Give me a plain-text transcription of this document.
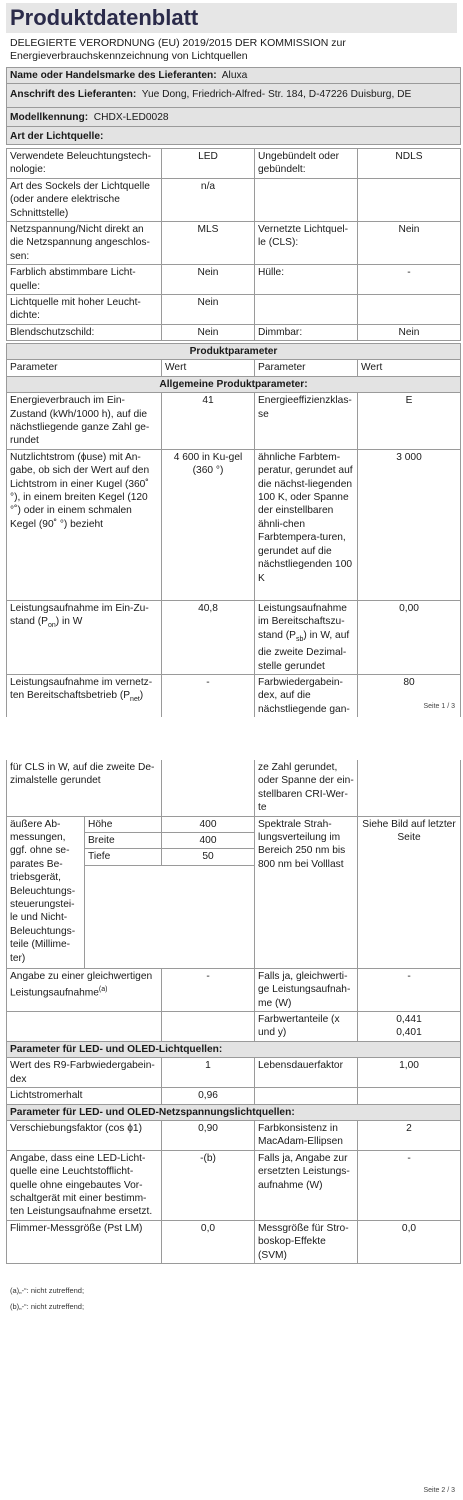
Produktdatenblatt
DELEGIERTE VERORDNUNG (EU) 2019/2015 DER KOMMISSION zur
Energieverbrauchskennzeichnung von Lichtquellen
Name oder Handelsmarke des Lieferanten: Aluxa
Anschrift des Lieferanten: Yue Dong, Friedrich-Alfred- Str. 184, D-47226 Duisburg, DE
Modellkennung: CHDX-LED0028
Art der Lichtquelle:
Verwendete Beleuchtungstech-nologie:	LED	Ungebündelt oder gebündelt:	NDLS
Art des Sockels der Lichtquelle (oder andere elektrische Schnittstelle)	n/a		
Netzspannung/Nicht direkt an die Netzspannung angeschlos-sen:	MLS	Vernetzte Lichtquel-le (CLS):	Nein
Farblich abstimmbare Licht-quelle:	Nein	Hülle:	-
Lichtquelle mit hoher Leucht-dichte:	Nein		
Blendschutzschild:	Nein	Dimmbar:	Nein
Produktparameter			
Parameter	Wert	Parameter	Wert
Allgemeine Produktparameter:			
Energieverbrauch im Ein-Zustand (kWh/1000 h), auf die nächstliegende ganze Zahl ge-rundet	41	Energieeffizienzklas-se	E
Nutzlichtstrom (ϕuse) mit An-gabe, ob sich der Wert auf den Lichtstrom in einer Kugel (360˚ °), in einem breiten Kegel (120 °˚) oder in einem schmalen Kegel (90˚ °) bezieht	4 600 in Ku-gel (360 °)	ähnliche Farbtem-peratur, gerundet auf die nächst-liegenden 100 K, oder Spanne der einstellbaren ähnli-chen Farbtempera-turen, gerundet auf die nächstliegenden 100 K	3 000
Leistungsaufnahme im Ein-Zu-stand $(P_{on})$ in W	40,8	Leistungsaufnahme im Bereitschaftszu-stand $(P_{sb})$ in W, auf die zweite Dezimal-stelle gerundet	0,00
Leistungsaufnahme im vernetz-ten Bereitschaftsbetrieb $(P_{net})$	-	Farbwiedergabein-dex, auf die nächstliegende gan-	80
Seite 1 / 3
für CLS in W, auf die zweite De-zimalstelle gerundet			ze Zahl gerundet, oder Spanne der ein-stellbaren CRI-Wer-te	
äußere Ab-messungen, ggf. ohne se-parates Be-triebsgerät, Beleuchtungs-steuerungstei-le und Nicht-Beleuchtungs-teile (Millime-ter)	Höhe	400	Spektrale Strah-lungsverteilung im Bereich 250 nm bis 800 nm bei Volllast	Siehe Bild auf letzter Seite
	Breite	400		
	Tiefe	50		

Angabe zu einer gleichwertigen Leistungsaufnahme$^{(a)}$		-	Falls ja, gleichwerti-ge Leistungsaufnah-me (W)	-
			Farbwertanteile (x und y)	0,441
0,401

Parameter für LED- und OLED-Lichtquellen:				
Wert des R9-Farbwiedergabein-dex		1	Lebensdauerfaktor	1,00
Lichtstromerhalt		0,96		
Parameter für LED- und OLED-Netzspannungslichtquellen:				
Verschiebungsfaktor (cos ϕ1)		0,90	Farbkonsistenz in MacAdam-Ellipsen	2
Angabe, dass eine LED-Licht-quelle eine Leuchtstofflicht-quelle ohne eingebautes Vor-schaltgerät mit einer bestimm-ten Leistungsaufnahme ersetzt.		-(b)	Falls ja, Angabe zur ersetzten Leistungs-aufnahme (W)	-
Flimmer-Messgröße (Pst LM)		0,0	Messgröße für Stro-boskop-Effekte (SVM)	0,0
(a)„-“: nicht zutreffend;
(b)„-“: nicht zutreffend;
Seite 2 / 3
